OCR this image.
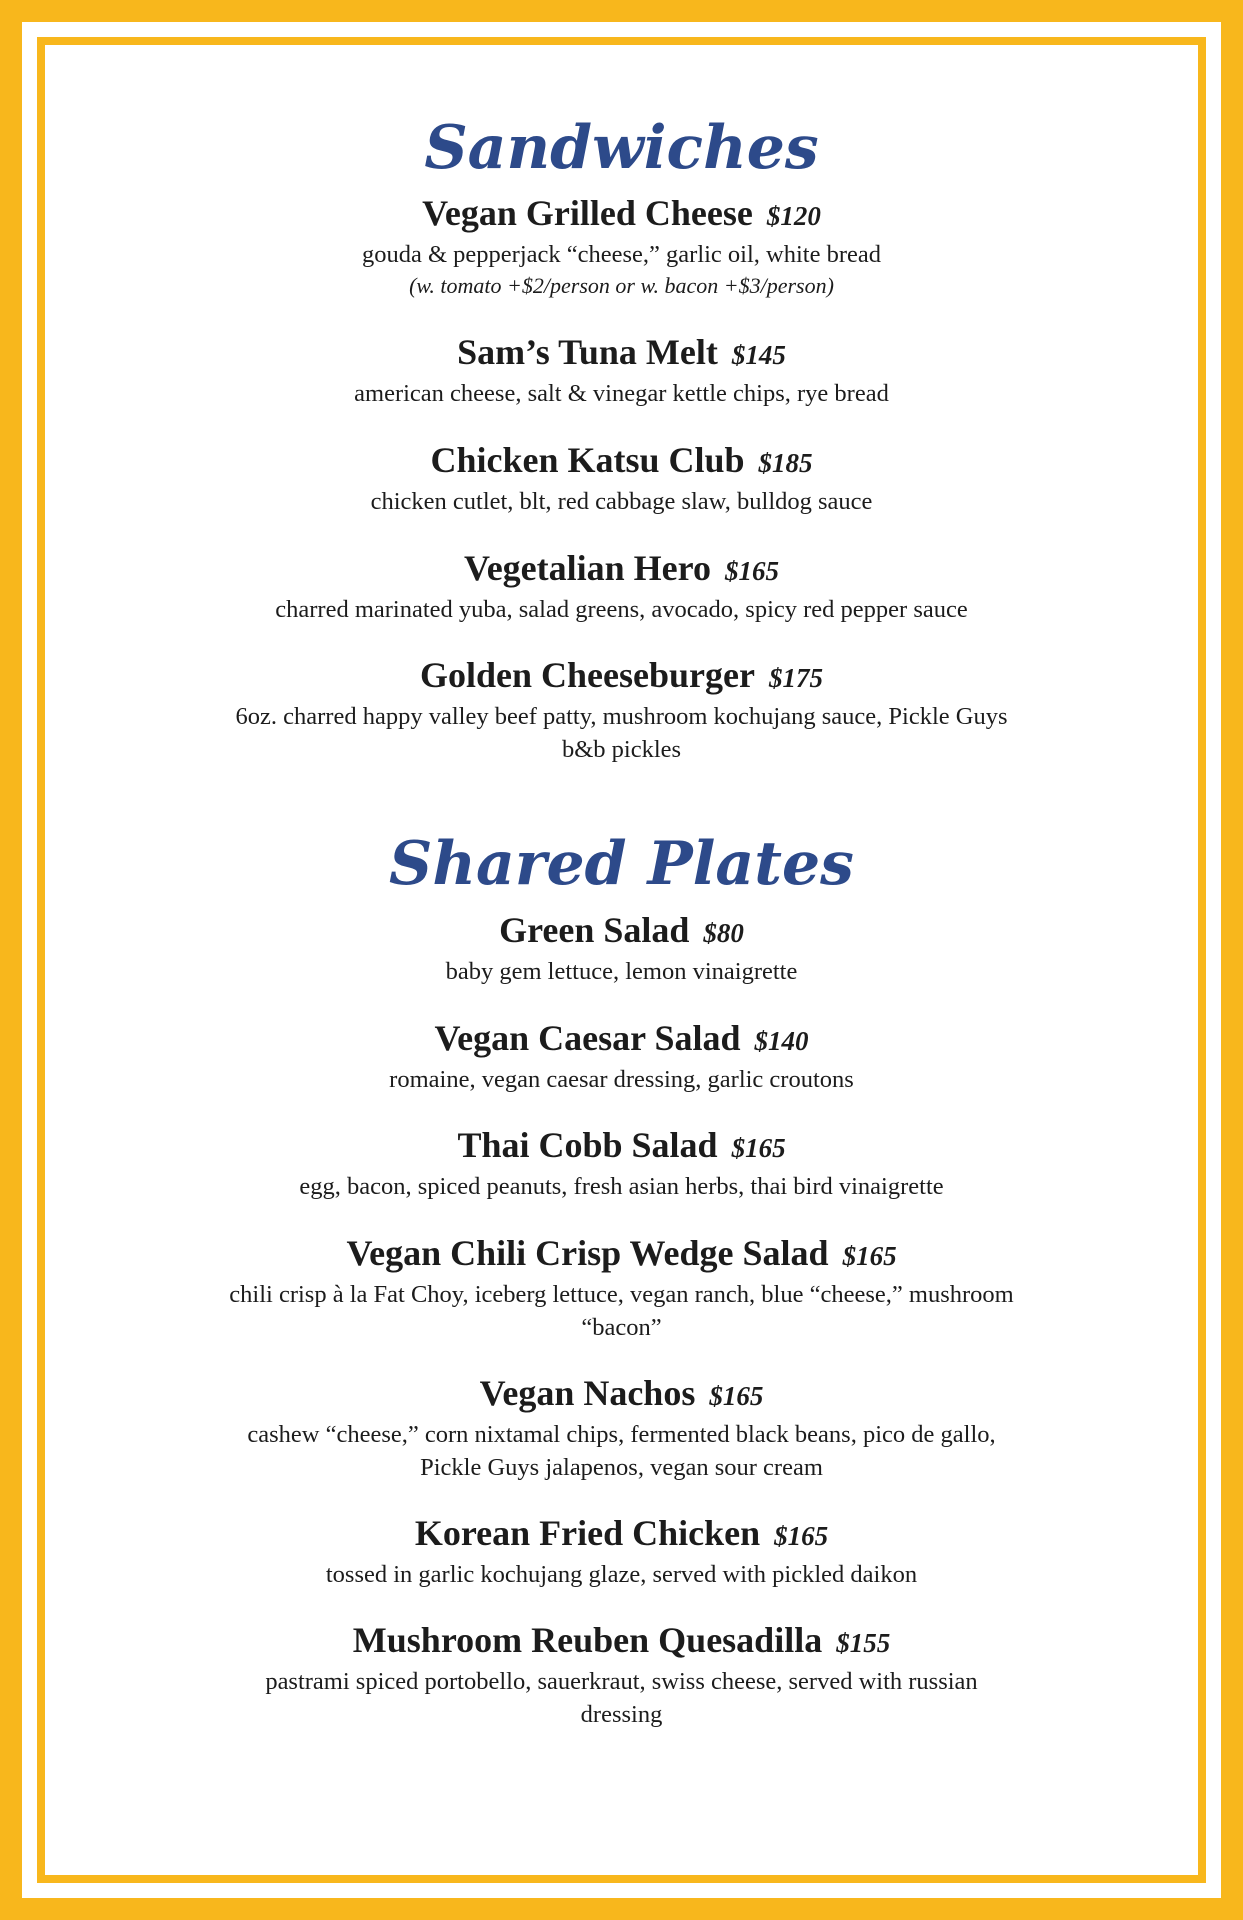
Sandwiches
Vegan Grilled Cheese $120
gouda & pepperjack “cheese,” garlic oil, white bread
(w. tomato +$2/person or w. bacon +$3/person)
Sam’s Tuna Melt $145
american cheese, salt & vinegar kettle chips, rye bread
Chicken Katsu Club $185
chicken cutlet, blt, red cabbage slaw, bulldog sauce
Vegetalian Hero $165
charred marinated yuba, salad greens, avocado, spicy red pepper sauce
Golden Cheeseburger $175
6oz. charred happy valley beef patty, mushroom kochujang sauce, Pickle Guys b&b pickles
Shared Plates
Green Salad $80
baby gem lettuce, lemon vinaigrette
Vegan Caesar Salad $140
romaine, vegan caesar dressing, garlic croutons
Thai Cobb Salad $165
egg, bacon, spiced peanuts, fresh asian herbs, thai bird vinaigrette
Vegan Chili Crisp Wedge Salad $165
chili crisp à la Fat Choy, iceberg lettuce, vegan ranch, blue “cheese,” mushroom “bacon”
Vegan Nachos $165
cashew “cheese,” corn nixtamal chips, fermented black beans, pico de gallo, Pickle Guys jalapenos, vegan sour cream
Korean Fried Chicken $165
tossed in garlic kochujang glaze, served with pickled daikon
Mushroom Reuben Quesadilla $155
pastrami spiced portobello, sauerkraut, swiss cheese, served with russian dressing
